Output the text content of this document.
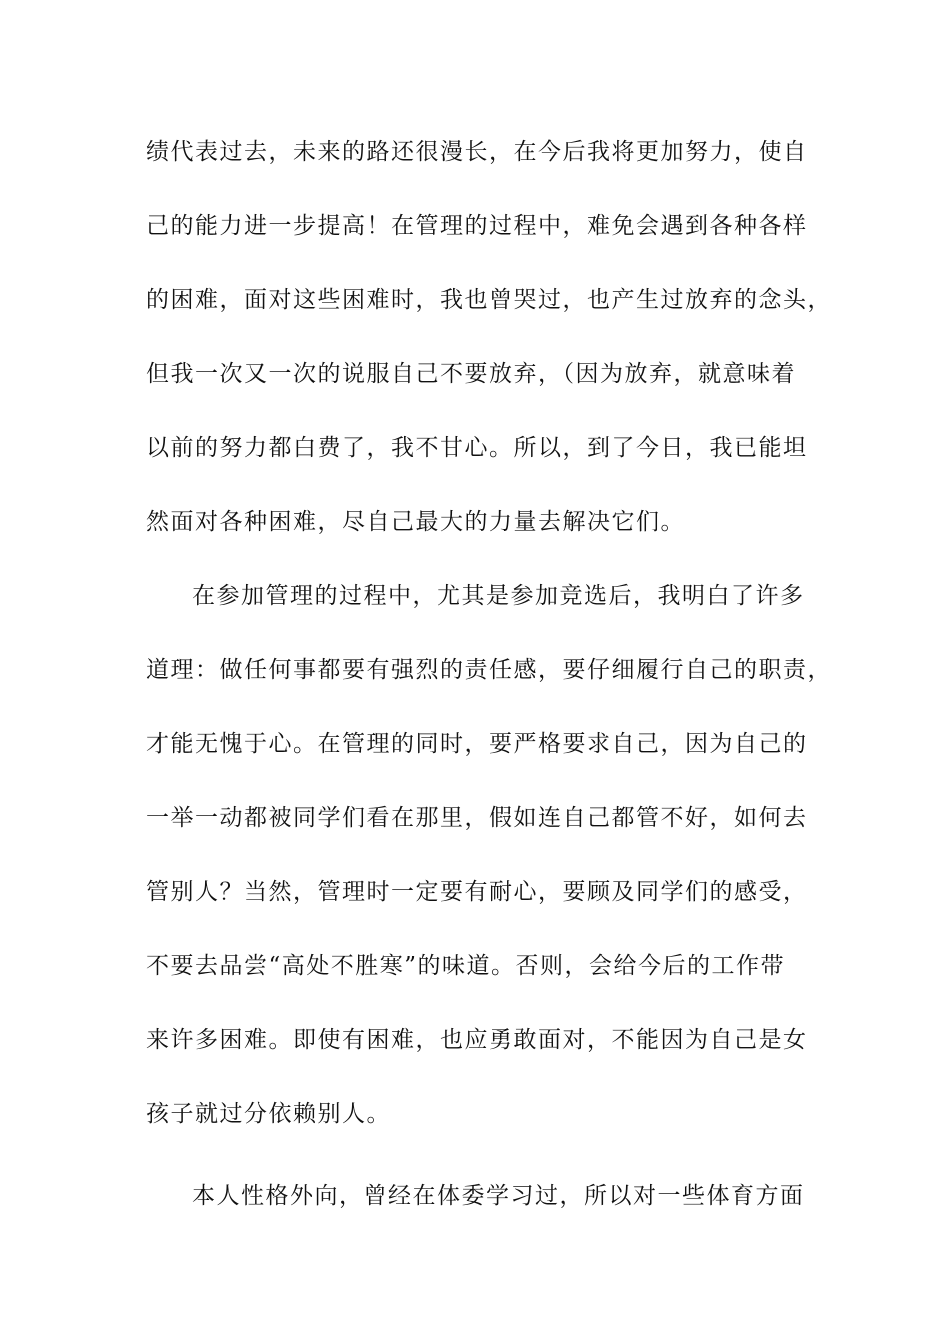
绩代表过去，未来的路还很漫长，在今后我将更加努力，使自
己的能力进一步提高！在管理的过程中，难免会遇到各种各样
的困难，面对这些困难时，我也曾哭过，也产生过放弃的念头，
但我一次又一次的说服自己不要放弃，（因为放弃，就意味着
以前的努力都白费了，我不甘心。所以，到了今日，我已能坦
然面对各种困难，尽自己最大的力量去解决它们。
在参加管理的过程中，尤其是参加竞选后，我明白了许多
道理：做任何事都要有强烈的责任感，要仔细履行自己的职责，
才能无愧于心。在管理的同时，要严格要求自己，因为自己的
一举一动都被同学们看在那里，假如连自己都管不好，如何去
管别人？当然，管理时一定要有耐心，要顾及同学们的感受，
不要去品尝“高处不胜寒”的味道。否则，会给今后的工作带
来许多困难。即使有困难，也应勇敢面对，不能因为自己是女
孩子就过分依赖别人。
本人性格外向，曾经在体委学习过，所以对一些体育方面
